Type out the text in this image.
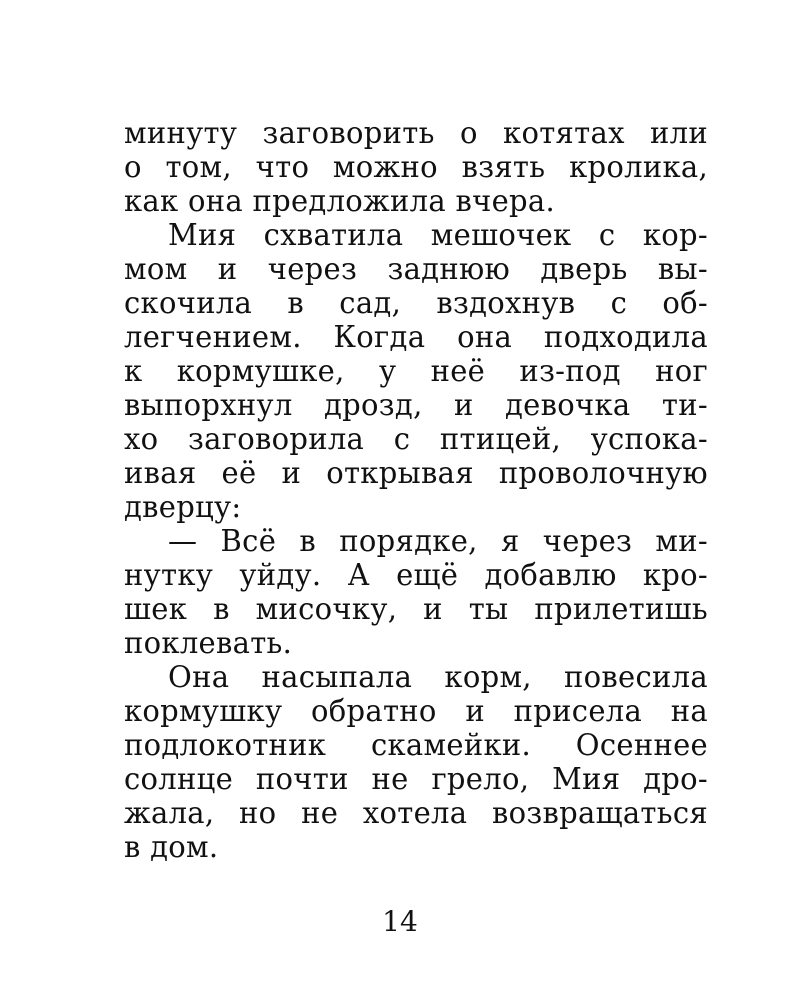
минуту заговорить о котятах или
о том, что можно взять кролика,
как она предложила вчера.
Мия схватила мешочек с кор-
мом и через заднюю дверь вы-
скочила в сад, вздохнув с об-
легчением. Когда она подходила
к кормушке, у неё из-под ног
выпорхнул дрозд, и девочка ти-
хо заговорила с птицей, успока-
ивая её и открывая проволочную
дверцу:
— Всё в порядке, я через ми-
нутку уйду. А ещё добавлю кро-
шек в мисочку, и ты прилетишь
поклевать.
Она насыпала корм, повесила
кормушку обратно и присела на
подлокотник скамейки. Осеннее
солнце почти не грело, Мия дро-
жала, но не хотела возвращаться
в дом.
14
